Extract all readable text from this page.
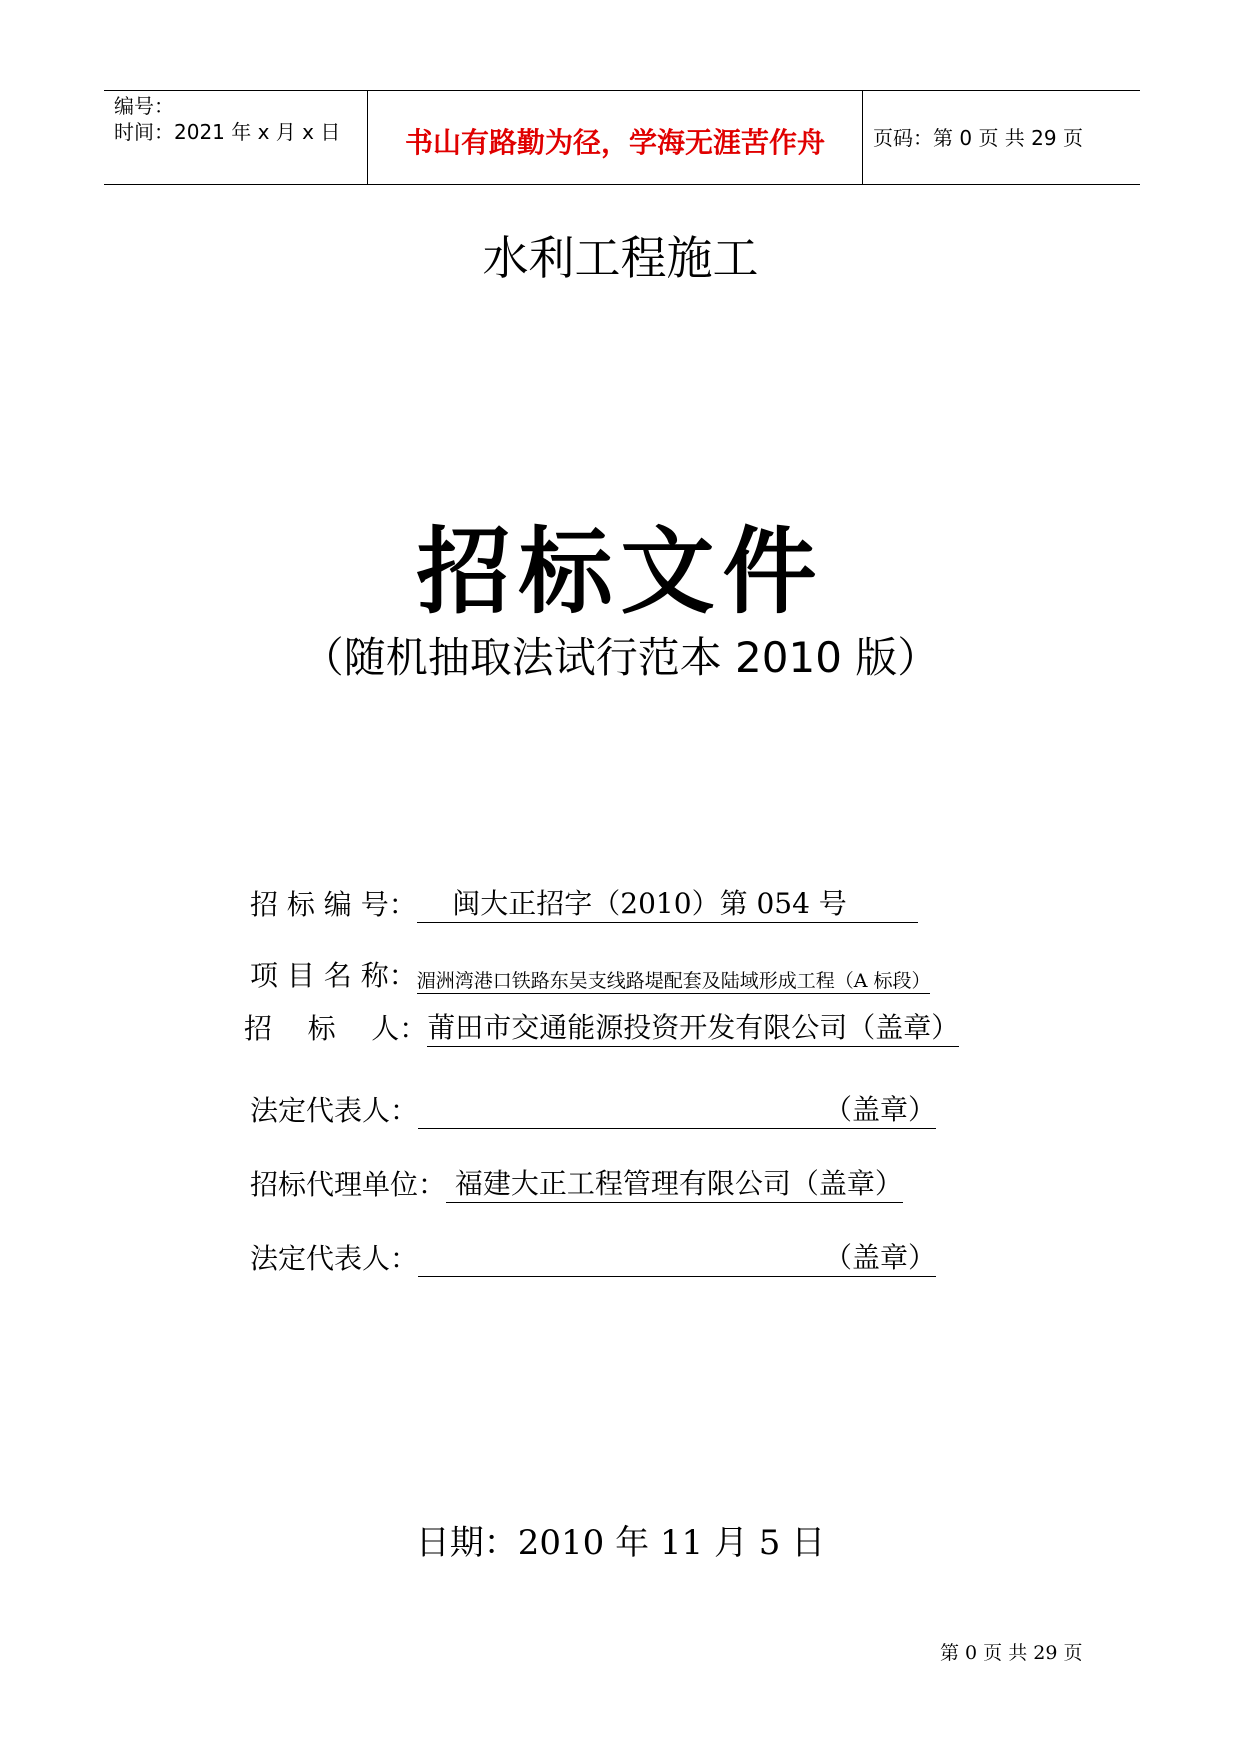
编号：
时间：2021 年 x 月 x 日	书山有路勤为径，学海无涯苦作舟	页码：第 0 页 共 29 页
水利工程施工
招标文件
（随机抽取法试行范本 2010 版）
招 标 编 号：    闽大正招字（2010）第 054 号
项 目 名 称：湄洲湾港口铁路东吴支线路堤配套及陆域形成工程（A 标段）
招    标    人：莆田市交通能源投资开发有限公司（盖章）
法定代表人：	（盖章）
招标代理单位： 福建大正工程管理有限公司（盖章）
法定代表人：	（盖章）
日期：2010 年 11 月 5 日
第 0 页 共 29 页
